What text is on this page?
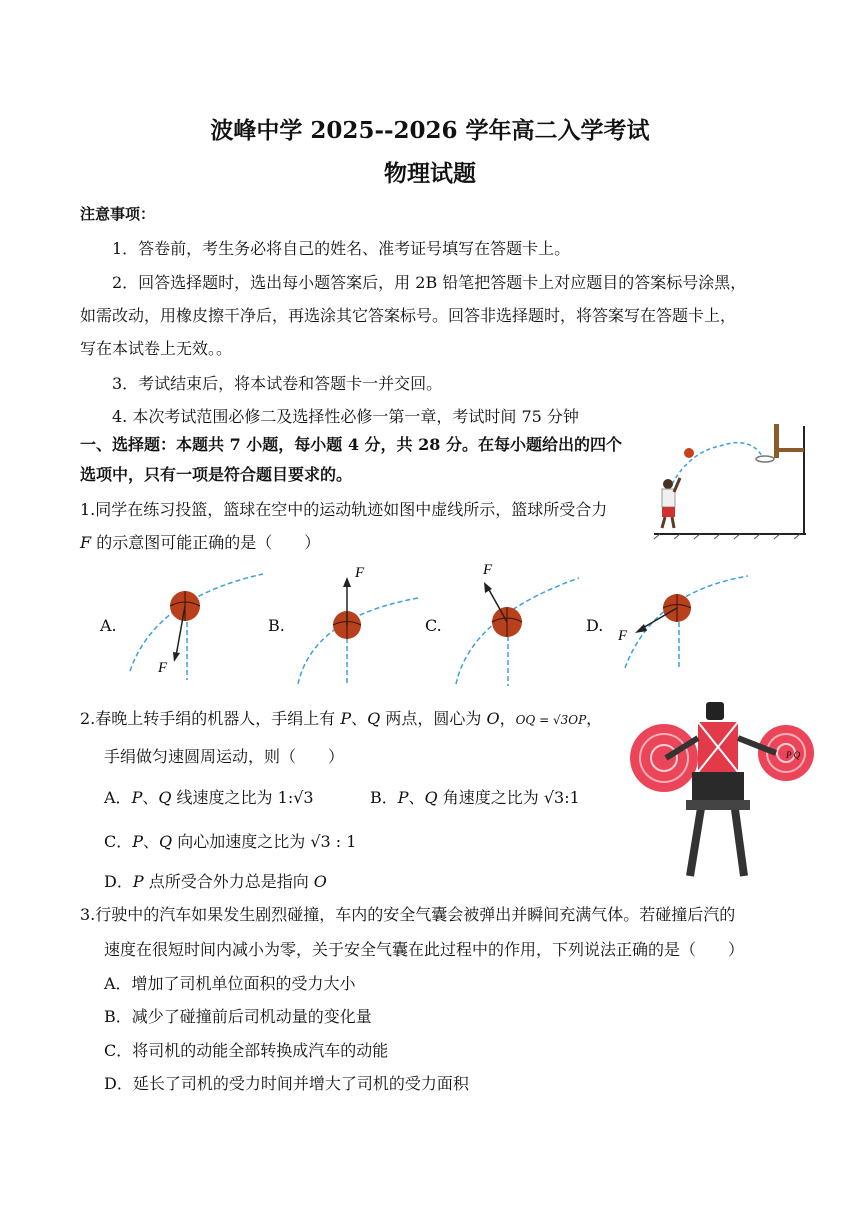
波峰中学 2025--2026 学年高二入学考试
物理试题
注意事项：
1．答卷前，考生务必将自己的姓名、准考证号填写在答题卡上。
2．回答选择题时，选出每小题答案后，用 2B 铅笔把答题卡上对应题目的答案标号涂黑，
如需改动，用橡皮擦干净后，再选涂其它答案标号。回答非选择题时，将答案写在答题卡上，
写在本试卷上无效。。
3．考试结束后，将本试卷和答题卡一并交回。
4. 本次考试范围必修二及选择性必修一第一章，考试时间 75 分钟
一、选择题：本题共 7 小题，每小题 4 分，共 28 分。在每小题给出的四个
选项中，只有一项是符合题目要求的。
1.同学在练习投篮，篮球在空中的运动轨迹如图中虚线所示，篮球所受合力
F 的示意图可能正确的是（　　）
A.	B.	C.	D.
F
F	F
F
2.春晚上转手绢的机器人，手绢上有 P、Q 两点，圆心为 O，OQ = √3OP，
手绢做匀速圆周运动，则（　　）
A．P、Q 线速度之比为 1:√3	B．P、Q 角速度之比为 √3:1
C．P、Q 向心加速度之比为 √3 : 1
D．P 点所受合外力总是指向 O
P Q
3.行驶中的汽车如果发生剧烈碰撞，车内的安全气囊会被弹出并瞬间充满气体。若碰撞后汽的
速度在很短时间内减小为零，关于安全气囊在此过程中的作用，下列说法正确的是（　　）
A．增加了司机单位面积的受力大小
B．减少了碰撞前后司机动量的变化量
C．将司机的动能全部转换成汽车的动能
D．延长了司机的受力时间并增大了司机的受力面积
